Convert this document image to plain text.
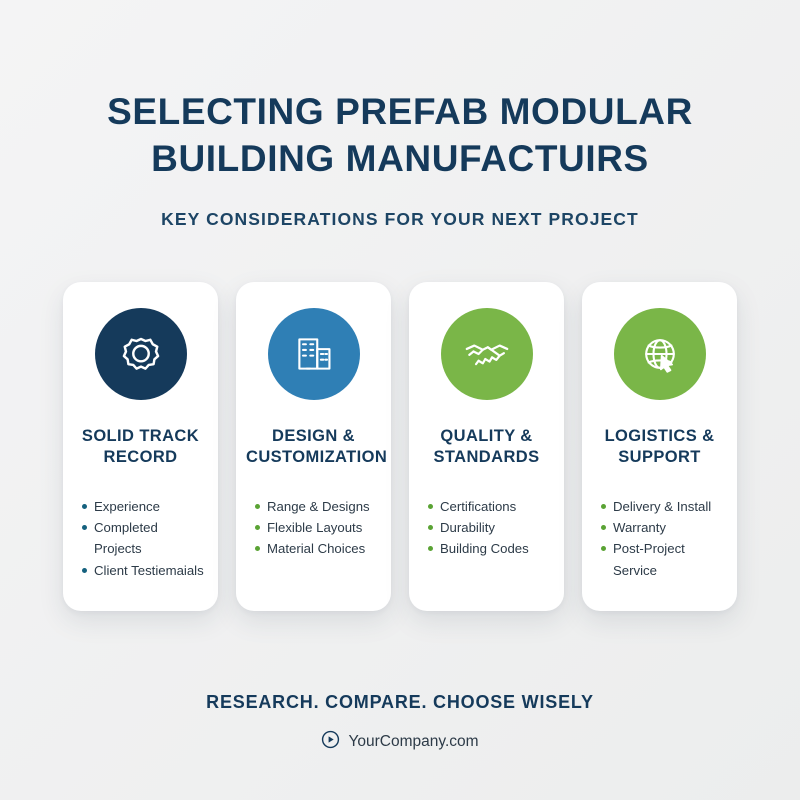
SELECTING PREFAB MODULAR
BUILDING MANUFACTUIRS
KEY CONSIDERATIONS FOR YOUR NEXT PROJECT
SOLID TRACK RECORD
Experience
Completed Projects
Client Testiemaials
DESIGN & CUSTOMIZATION
Range & Designs
Flexible Layouts
Material Choices
QUALITY & STANDARDS
Certifications
Durability
Building Codes
LOGISTICS & SUPPORT
Delivery & Install
Warranty
Post-Project Service
RESEARCH. COMPARE. CHOOSE WISELY
YourCompany.com
